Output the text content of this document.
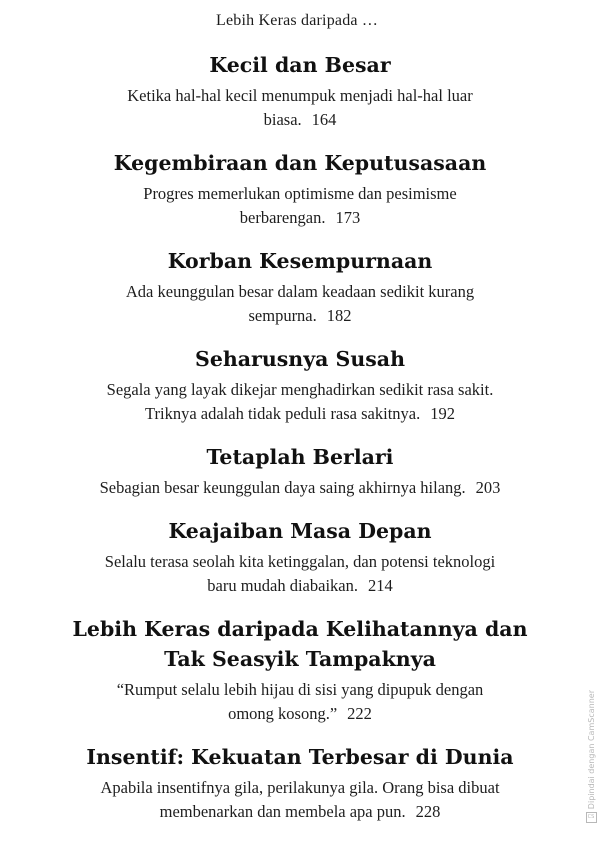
Lebih Keras daripada …
Kecil dan Besar

Ketika hal-hal kecil menumpuk menjadi hal-hal luar biasa. 164

Kegembiraan dan Keputusasaan

Progres memerlukan optimisme dan pesimisme berbarengan. 173

Korban Kesempurnaan

Ada keunggulan besar dalam keadaan sedikit kurang sempurna. 182

Seharusnya Susah

Segala yang layak dikejar menghadirkan sedikit rasa sakit. Triknya adalah tidak peduli rasa sakitnya. 192

Tetaplah Berlari

Sebagian besar keunggulan daya saing akhirnya hilang. 203

Keajaiban Masa Depan

Selalu terasa seolah kita ketinggalan, dan potensi teknologi baru mudah diabaikan. 214

Lebih Keras daripada Kelihatannya dan Tak Seasyik Tampaknya

“Rumput selalu lebih hijau di sisi yang dipupuk dengan omong kosong.” 222

Insentif: Kekuatan Terbesar di Dunia

Apabila insentifnya gila, perilakunya gila. Orang bisa dibuat membenarkan dan membela apa pun. 228

Dipindai dengan CamScanner
CS
